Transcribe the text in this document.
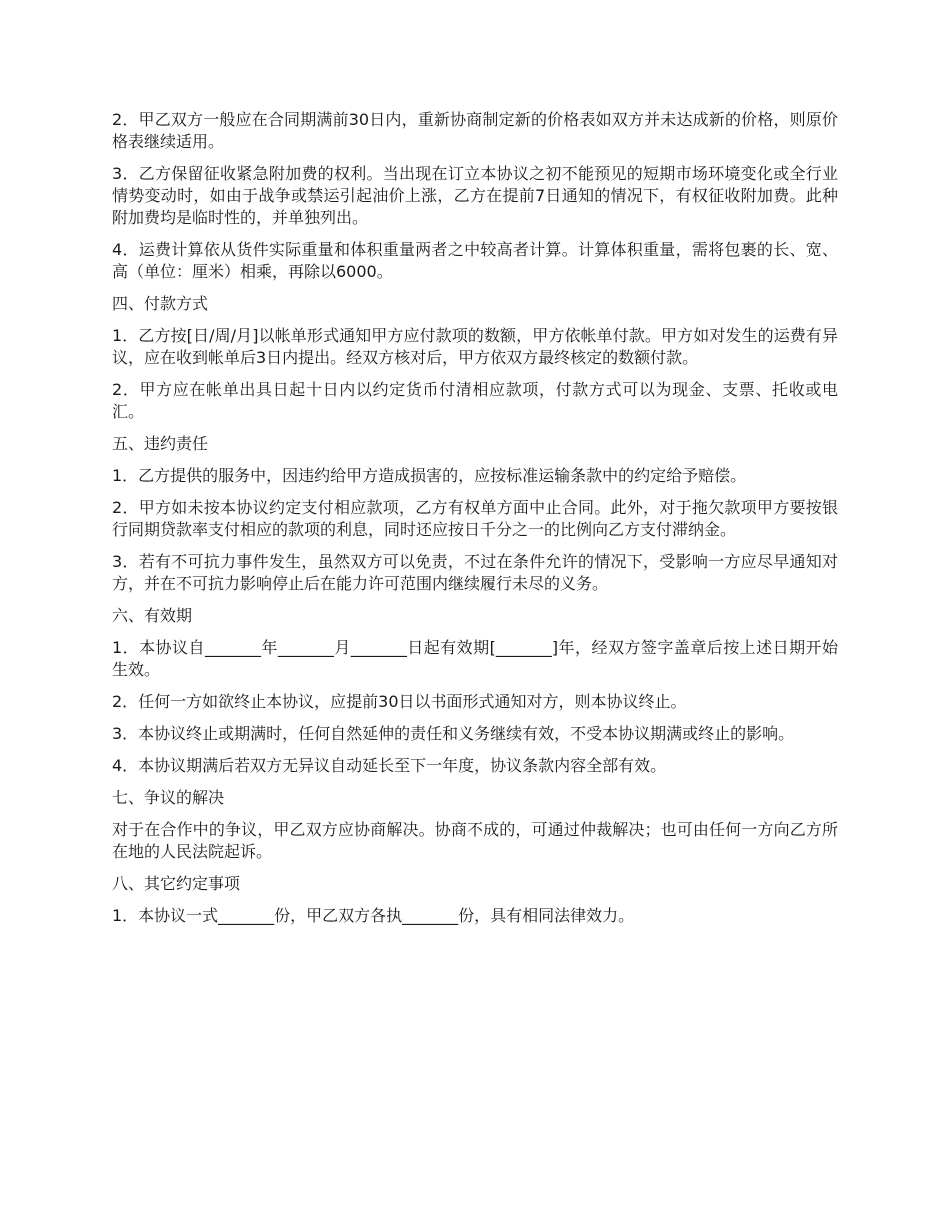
2．甲乙双方一般应在合同期满前30日内，重新协商制定新的价格表如双方并未达成新的价格，则原价格表继续适用。

3．乙方保留征收紧急附加费的权利。当出现在订立本协议之初不能预见的短期市场环境变化或全行业情势变动时，如由于战争或禁运引起油价上涨，乙方在提前7日通知的情况下，有权征收附加费。此种附加费均是临时性的，并单独列出。

4．运费计算依从货件实际重量和体积重量两者之中较高者计算。计算体积重量，需将包裹的长、宽、高（单位：厘米）相乘，再除以6000。

四、付款方式

1．乙方按[日/周/月]以帐单形式通知甲方应付款项的数额，甲方依帐单付款。甲方如对发生的运费有异议，应在收到帐单后3日内提出。经双方核对后，甲方依双方最终核定的数额付款。

2．甲方应在帐单出具日起十日内以约定货币付清相应款项，付款方式可以为现金、支票、托收或电汇。

五、违约责任

1．乙方提供的服务中，因违约给甲方造成损害的，应按标准运输条款中的约定给予赔偿。

2．甲方如未按本协议约定支付相应款项，乙方有权单方面中止合同。此外，对于拖欠款项甲方要按银行同期贷款率支付相应的款项的利息，同时还应按日千分之一的比例向乙方支付滞纳金。

3．若有不可抗力事件发生，虽然双方可以免责，不过在条件允许的情况下，受影响一方应尽早通知对方，并在不可抗力影响停止后在能力许可范围内继续履行未尽的义务。

六、有效期

1．本协议自_______年_______月_______日起有效期[_______]年，经双方签字盖章后按上述日期开始生效。

2．任何一方如欲终止本协议，应提前30日以书面形式通知对方，则本协议终止。

3．本协议终止或期满时，任何自然延伸的责任和义务继续有效，不受本协议期满或终止的影响。

4．本协议期满后若双方无异议自动延长至下一年度，协议条款内容全部有效。

七、争议的解决

对于在合作中的争议，甲乙双方应协商解决。协商不成的，可通过仲裁解决；也可由任何一方向乙方所在地的人民法院起诉。

八、其它约定事项

1．本协议一式_______份，甲乙双方各执_______份，具有相同法律效力。
